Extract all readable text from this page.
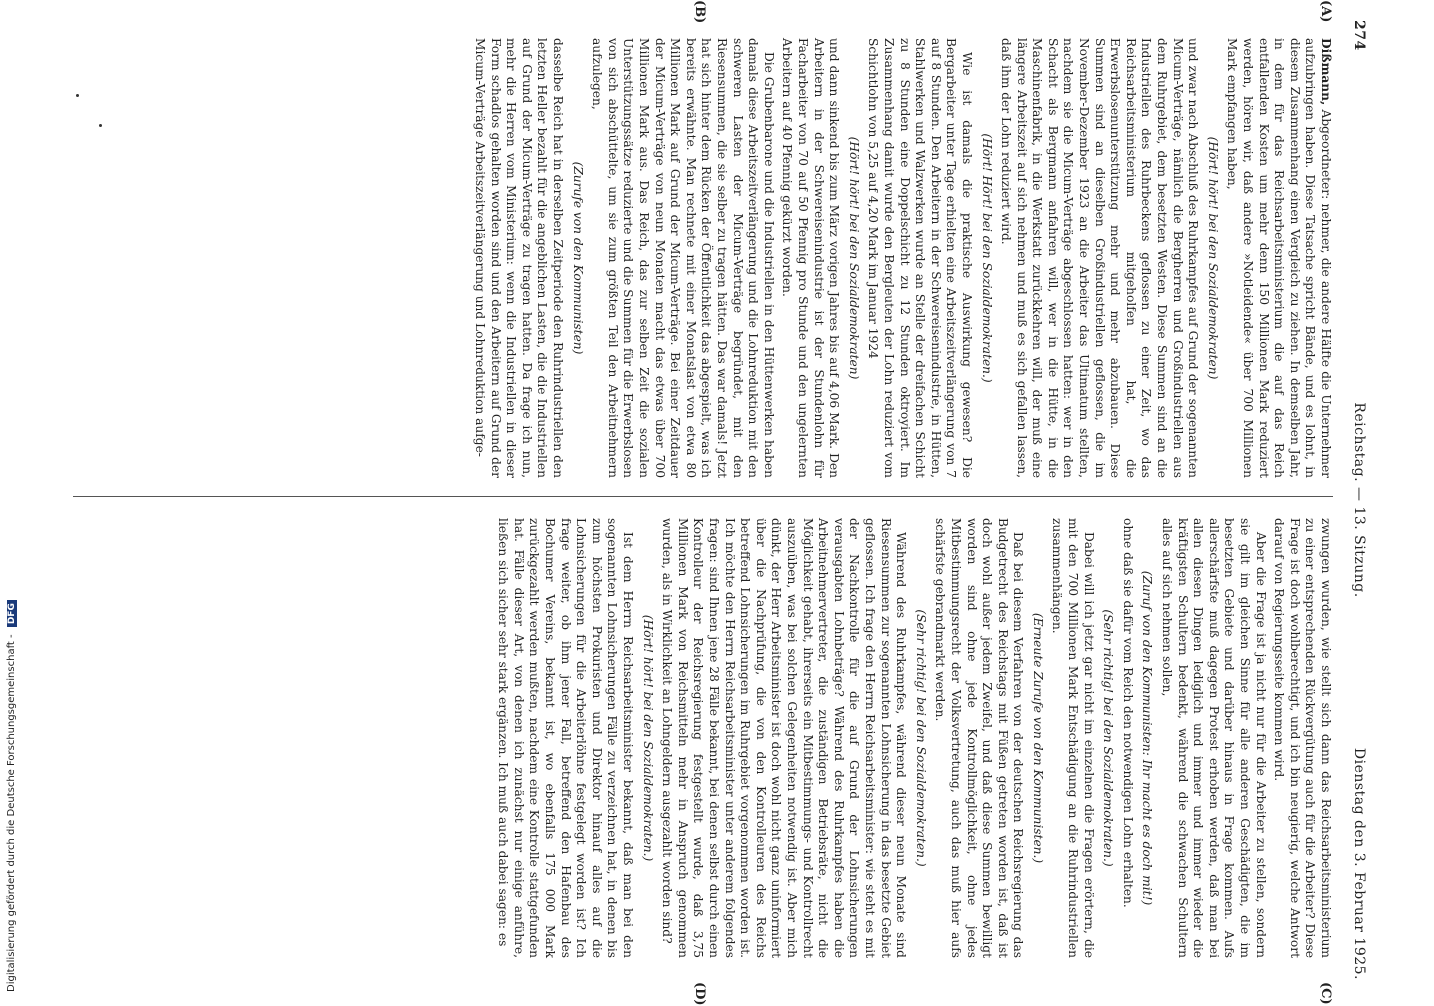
274
Reichstag. — 13. Sitzung.
Dienstag den 3. Februar 1925.
(A)
(B)
(C)
(D)

Dißmann, Abgeordneter: nehmer, die andere Hälfte die Unternehmer aufzubringen haben. Diese Tatsache spricht Bände, und es lohnt, in diesem Zusammenhang einen Vergleich zu ziehen. In demselben Jahr, in dem für das Reichsarbeitsministerium die auf das Reich entfallenden Kosten um mehr denn 150 Millionen Mark reduziert werden, hören wir, daß andere »Notleidende« über 700 Millionen Mark empfangen haben,

(Hört! hört! bei den Sozialdemokraten)

und zwar nach Abschluß des Ruhrkampfes auf Grund der sogenannten Micum-Verträge, nämlich die Bergherren und Großindustriellen aus dem Ruhrgebiet, dem besetzten Westen. Diese Summen sind an die Industriellen des Ruhrbeckens geflossen zu einer Zeit, wo das Reichsarbeitsministerium mitgeholfen hat, die Erwerbslosenunterstützung mehr und mehr abzubauen. Diese Summen sind an dieselben Großindustriellen geflossen, die im November-Dezember 1923 an die Arbeiter das Ultimatum stellten, nachdem sie die Micum-Verträge abgeschlossen hatten: wer in den Schacht als Bergmann anfahren will, wer in die Hütte, in die Maschinenfabrik, in die Werkstatt zurückkehren will, der muß eine längere Arbeitszeit auf sich nehmen und muß es sich gefallen lassen, daß ihm der Lohn reduziert wird.

(Hört! Hört! bei den Sozialdemokraten.)

Wie ist damals die praktische Auswirkung gewesen? Die Bergarbeiter unter Tage erhielten eine Arbeitszeitverlängerung von 7 auf 8 Stunden. Den Arbeitern in der Schwereisenindustrie, in Hütten, Stahlwerken und Walzwerken wurde an Stelle der dreifachen Schicht zu 8 Stunden eine Doppelschicht zu 12 Stunden oktroyiert. Im Zusammenhang damit wurde den Bergleuten der Lohn reduziert vom Schichtlohn von 5,25 auf 4,20 Mark im Januar 1924

(Hört! hört! bei den Sozialdemokraten)

und dann sinkend bis zum März vorigen Jahres bis auf 4,06 Mark. Den Arbeitern in der Schwereisenindustrie ist der Stundenlohn für Facharbeiter von 70 auf 50 Pfennig pro Stunde und den ungelernten Arbeitern auf 40 Pfennig gekürzt worden.

Die Grubenbarone und die Industriellen in den Hüttenwerken haben damals diese Arbeitszeitverlängerung und die Lohnreduktion mit den schweren Lasten der Micum-Verträge begründet, mit den Riesensummen, die sie selber zu tragen hätten. Das war damals! Jetzt hat sich hinter dem Rücken der Öffentlichkeit das abgespielt, was ich bereits erwähnte. Man rechnete mit einer Monatslast von etwa 80 Millionen Mark auf Grund der Micum-Verträge. Bei einer Zeitdauer der Micum-Verträge von neun Monaten macht das etwas über 700 Millionen Mark aus. Das Reich, das zur selben Zeit die sozialen Unterstützungssätze reduzierte und die Summen für die Erwerbslosen von sich abschüttelte, um sie zum größten Teil den Arbeitnehmern aufzulegen,

(Zurufe von den Kommunisten)

dasselbe Reich hat in derselben Zeitperiode den Ruhrindustriellen den letzten Heller bezahlt für die angeblichen Lasten, die die Industriellen auf Grund der Micum-Verträge zu tragen hatten. Da frage ich nun, mehr die Herren vom Ministerium: wenn die Industriellen in dieser Form schadlos gehalten worden sind und den Arbeitern auf Grund der Micum-Verträge Arbeitszeitverlängerung und Lohnreduktion aufge-

zwungen wurden, wie stellt sich dann das Reichsarbeitsministerium zu einer entsprechenden Rückvergütung auch für die Arbeiter? Diese Frage ist doch wohlberechtigt, und ich bin neugierig, welche Antwort darauf von Regierungsseite kommen wird.

Aber die Frage ist ja nicht nur für die Arbeiter zu stellen, sondern sie gilt im gleichen Sinne für alle anderen Geschädigten, die im besetzten Gebiete und darüber hinaus in Frage kommen. Aufs allerschärfste muß dagegen Protest erhoben werden, daß man bei allen diesen Dingen lediglich und immer und immer wieder die kräftigsten Schultern bedenkt, während die schwachen Schultern alles auf sich nehmen sollen,

(Zuruf von den Kommunisten: Ihr macht es doch mit!)

ohne daß sie dafür vom Reich den notwendigen Lohn erhalten.

(Sehr richtig! bei den Sozialdemokraten.)

Dabei will ich jetzt gar nicht im einzelnen die Fragen erörtern, die mit den 700 Millionen Mark Entschädigung an die Ruhrindustriellen zusammenhängen.

(Erneute Zurufe von den Kommunisten.)

Daß bei diesem Verfahren von der deutschen Reichsregierung das Budgetrecht des Reichstags mit Füßen getreten worden ist, daß ist doch wohl außer jedem Zweifel, und daß diese Summen bewilligt worden sind ohne jede Kontrollmöglichkeit, ohne jedes Mitbestimmungsrecht der Volksvertretung, auch das muß hier aufs schärfste gebrandmarkt werden.

(Sehr richtig! bei den Sozialdemokraten.)

Während des Ruhrkampfes, während dieser neun Monate sind Riesensummen zur sogenannten Lohnsicherung in das besetzte Gebiet geflossen. Ich frage den Herrn Reichsarbeitsminister: wie steht es mit der Nachkontrolle für die auf Grund der Lohnsicherungen verausgabten Lohnbeträge? Während des Ruhrkampfes haben die Arbeitnehmervertreter, die zuständigen Betriebsräte, nicht die Möglichkeit gehabt, ihrerseits ein Mitbestimmungs- und Kontrollrecht auszuüben, was bei solchen Gelegenheiten notwendig ist. Aber mich dünkt, der Herr Arbeitsminister ist doch wohl nicht ganz uninformiert über die Nachprüfung, die von den Kontrolleuren des Reichs betreffend Lohnsicherungen im Ruhrgebiet vorgenommen worden ist. Ich möchte den Herrn Reichsarbeitsminister unter anderem folgendes fragen: sind Ihnen jene 28 Fälle bekannt, bei denen selbst durch einen Kontrolleur der Reichsregierung festgestellt wurde, daß 3,75 Millionen Mark von Reichsmitteln mehr in Anspruch genommen wurden, als in Wirklichkeit an Lohngeldern ausgezahlt worden sind?

(Hört! hört! bei den Sozialdemokraten.)

Ist dem Herrn Reichsarbeitsminister bekannt, daß man bei den sogenannten Lohnsicherungen Fälle zu verzeichnen hat, in denen bis zum höchsten Prokuristen und Direktor hinauf alles auf die Lohnsicherungen für die Arbeiterlöhne festgelegt worden ist? Ich frage weiter, ob ihm jener Fall, betreffend den Hafenbau des Bochumer Vereins, bekannt ist, wo ebenfalls 175 000 Mark zurückgezahlt werden mußten, nachdem eine Kontrolle stattgefunden hat. Fälle dieser Art, von denen ich zunächst nur einige anführe, ließen sich sicher sehr stark ergänzen. Ich muß auch dabei sagen: es

Digitalisierung gefördert durch die Deutsche Forschungsgemeinschaft - DFG
